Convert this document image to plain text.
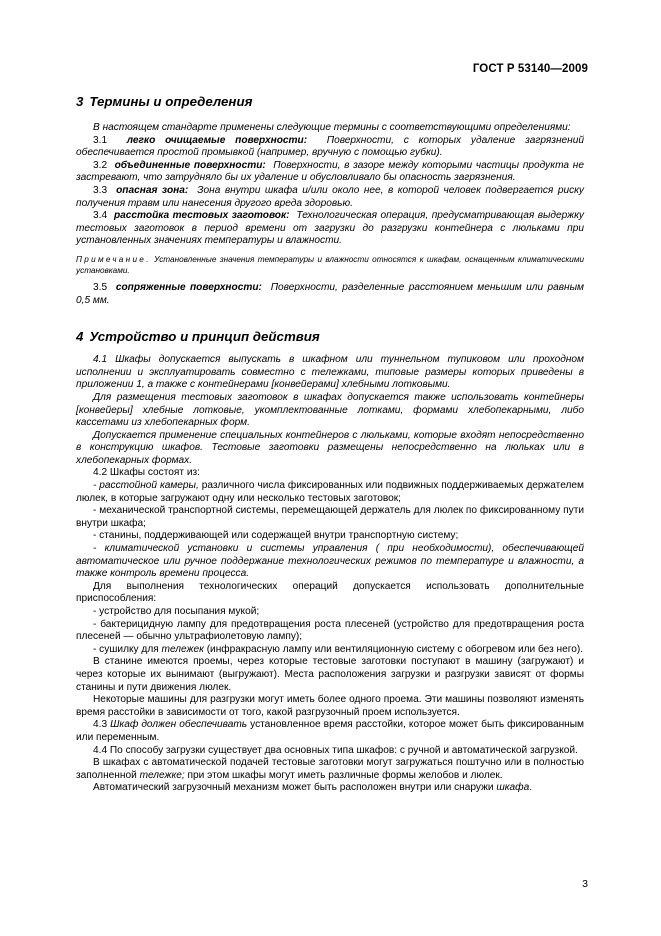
ГОСТ Р 53140—2009
3 Термины и определения

В настоящем стандарте применены следующие термины с соответствующими определениями:

3.1 легко очищаемые поверхности: Поверхности, с которых удаление загрязнений обеспечивается простой промывкой (например, вручную с помощью губки).

3.2 объединенные поверхности: Поверхности, в зазоре между которыми частицы продукта не застревают, что затрудняло бы их удаление и обусловливало бы опасность загрязнения.

3.3 опасная зона: Зона внутри шкафа и/или около нее, в которой человек подвергается риску получения травм или нанесения другого вреда здоровью.

3.4 расстойка тестовых заготовок: Технологическая операция, предусматривающая выдержку тестовых заготовок в период времени от загрузки до разгрузки контейнера с люльками при установленных значениях температуры и влажности.

Примечание. Установленные значения температуры и влажности относятся к шкафам, оснащенным климатическими установками.

3.5 сопряженные поверхности: Поверхности, разделенные расстоянием меньшим или равным 0,5 мм.

4 Устройство и принцип действия

4.1 Шкафы допускается выпускать в шкафном или туннельном тупиковом или проходном исполнении и эксплуатировать совместно с тележками, типовые размеры которых приведены в приложении 1, а также с контейнерами [конвейерами] хлебными лотковыми.

Для размещения тестовых заготовок в шкафах допускается также использовать контейнеры [конвейеры] хлебные лотковые, укомплектованные лотками, формами хлебопекарными, либо кассетами из хлебопекарных форм.

Допускается применение специальных контейнеров с люльками, которые входят непосредственно в конструкцию шкафов. Тестовые заготовки размещены непосредственно на люльках или в хлебопекарных формах.

4.2 Шкафы состоят из:

- расстойной камеры, различного числа фиксированных или подвижных поддерживаемых держателем люлек, в которые загружают одну или несколько тестовых заготовок;

- механической транспортной системы, перемещающей держатель для люлек по фиксированному пути внутри шкафа;

- станины, поддерживающей или содержащей внутри транспортную систему;

- климатической установки и системы управления ( при необходимости), обеспечивающей автоматическое или ручное поддержание технологических режимов по температуре и влажности, а также контроль времени процесса.

Для выполнения технологических операций допускается использовать дополнительные приспособления:

- устройство для посыпания мукой;

- бактерицидную лампу для предотвращения роста плесеней (устройство для предотвращения роста плесеней — обычно ультрафиолетовую лампу);

- сушилку для тележек (инфракрасную лампу или вентиляционную систему с обогревом или без него).

В станине имеются проемы, через которые тестовые заготовки поступают в машину (загружают) и через которые их вынимают (выгружают). Места расположения загрузки и разгрузки зависят от формы станины и пути движения люлек.

Некоторые машины для разгрузки могут иметь более одного проема. Эти машины позволяют изменять время расстойки в зависимости от того, какой разгрузочный проем используется.

4.3 Шкаф должен обеспечивать установленное время расстойки, которое может быть фиксированным или переменным.

4.4 По способу загрузки существует два основных типа шкафов: с ручной и автоматической загрузкой.

В шкафах с автоматической подачей тестовые заготовки могут загружаться поштучно или в полностью заполненной тележке; при этом шкафы могут иметь различные формы желобов и люлек.

Автоматический загрузочный механизм может быть расположен внутри или снаружи шкафа.

3
